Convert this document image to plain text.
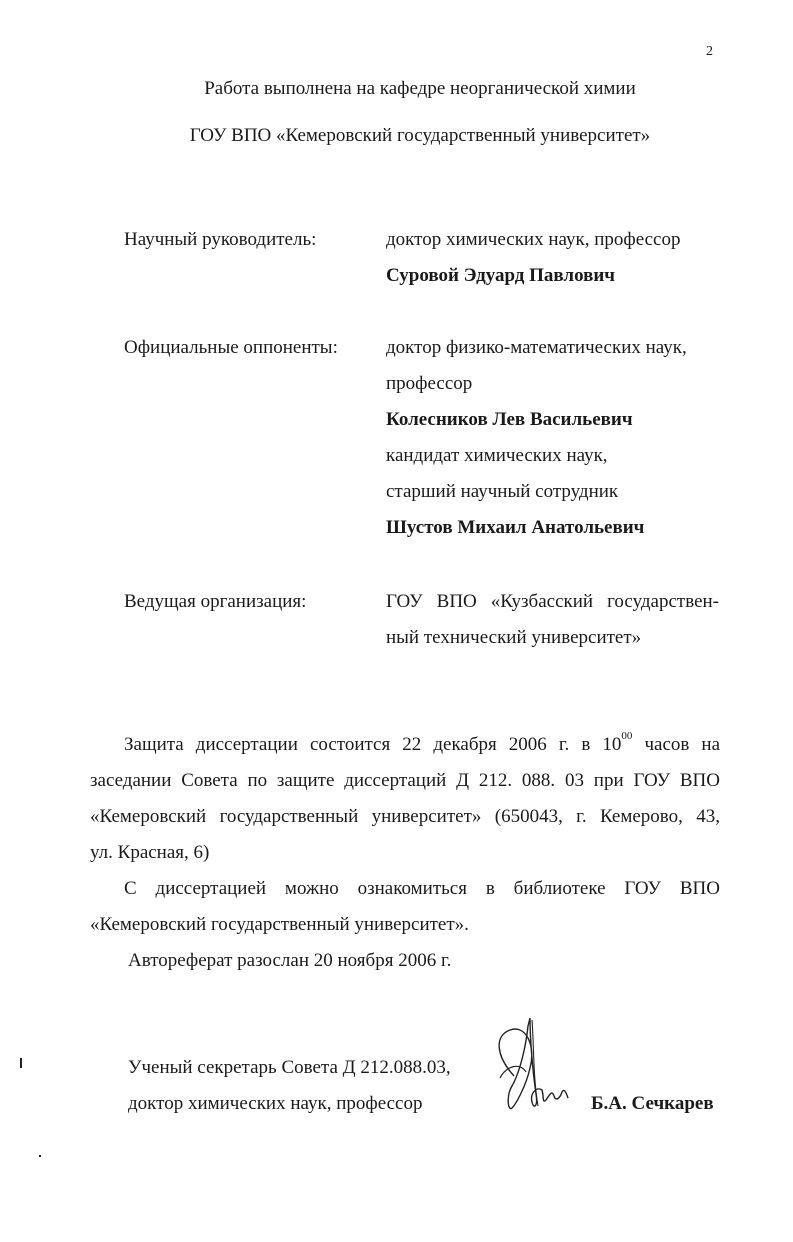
2
Работа выполнена на кафедре неорганической химии
ГОУ ВПО «Кемеровский государственный университет»
Научный руководитель:	доктор химических наук, профессор
Суровой Эдуард Павлович
Официальные оппоненты:	доктор физико-математических наук,
профессор
Колесников Лев Васильевич
кандидат химических наук,
старший научный сотрудник
Шустов Михаил Анатольевич
Ведущая организация:	ГОУ ВПО «Кузбасский государствен-
ный технический университет»
Защита диссертации состоится 22 декабря 2006 г. в $10^{00}$ часов на
заседании Совета по защите диссертаций Д 212. 088. 03 при ГОУ ВПО
«Кемеровский государственный университет» (650043, г. Кемерово, 43,
ул. Красная, 6)
С диссертацией можно ознакомиться в библиотеке ГОУ ВПО
«Кемеровский государственный университет».
Автореферат разослан 20 ноября 2006 г.
Ученый секретарь Совета Д 212.088.03,
доктор химических наук, профессор	Б.А. Сечкарев
